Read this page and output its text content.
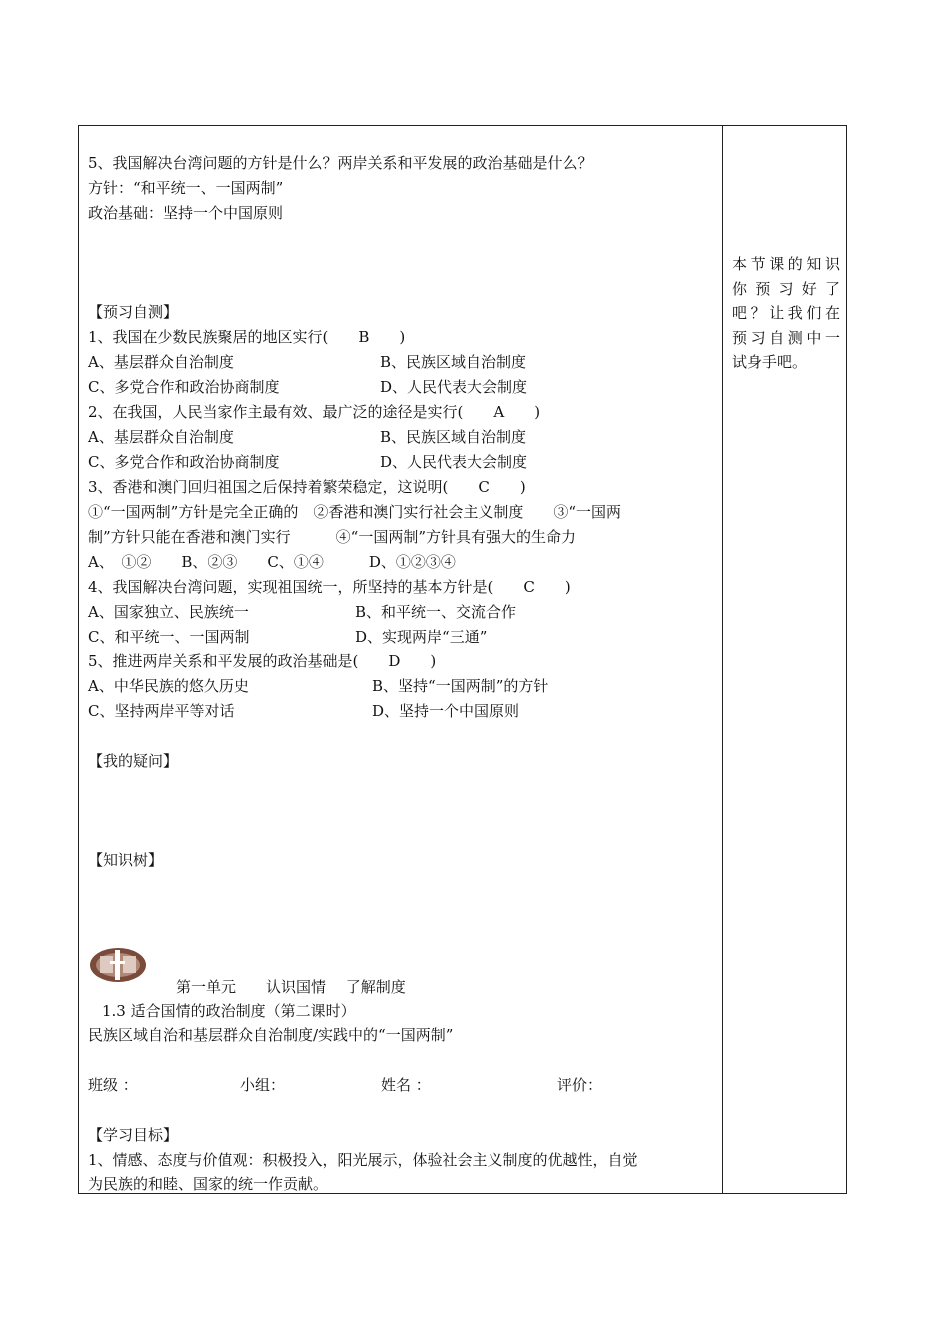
5、我国解决台湾问题的方针是什么？两岸关系和平发展的政治基础是什么？
方针：“和平统一、一国两制”
政治基础：坚持一个中国原则
本节课的知识
你 预 习 好 了
吧？让我们在
预习自测中一
试身手吧。
【预习自测】
1、我国在少数民族聚居的地区实行(　　B　　)
A、基层群众自治制度	B、民族区域自治制度
C、多党合作和政治协商制度	D、人民代表大会制度
2、在我国，人民当家作主最有效、最广泛的途径是实行(　　A　　)
A、基层群众自治制度	B、民族区域自治制度
C、多党合作和政治协商制度	D、人民代表大会制度
3、香港和澳门回归祖国之后保持着繁荣稳定，这说明(　　C　　)
①“一国两制”方针是完全正确的　②香港和澳门实行社会主义制度　　③“一国两
制”方针只能在香港和澳门实行　　　④“一国两制”方针具有强大的生命力
A、　①②　　B、②③　　C、①④　　　D、①②③④
4、我国解决台湾问题，实现祖国统一，所坚持的基本方针是(　　C　　)
A、国家独立、民族统一	B、和平统一、交流合作
C、和平统一、一国两制	D、实现两岸“三通”
5、推进两岸关系和平发展的政治基础是(　　D　　)
A、中华民族的悠久历史	B、坚持“一国两制”的方针
C、坚持两岸平等对话	D、坚持一个中国原则
【我的疑问】
【知识树】
第一单元　　认识国情　 了解制度
1.3 适合国情的政治制度（第二课时）
民族区域自治和基层群众自治制度/实践中的“一国两制”
班级 ：	小组：	姓名 ：	评价：
【学习目标】
1、情感、态度与价值观：积极投入，阳光展示，体验社会主义制度的优越性，自觉
为民族的和睦、国家的统一作贡献。
